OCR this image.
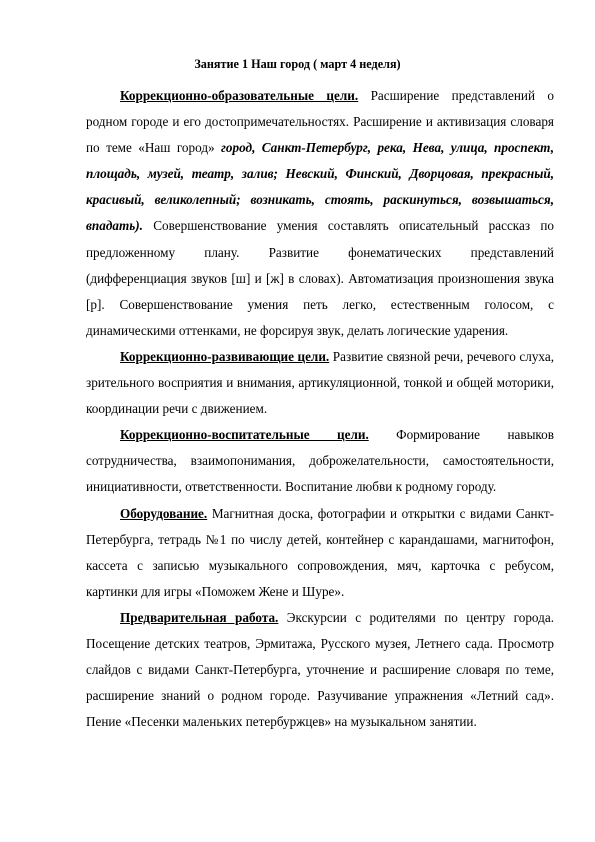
Занятие 1 Наш город ( март 4 неделя)

Коррекционно-образовательные цели. Расширение представлений о родном городе и его достопримечательностях. Расширение и активизация словаря по теме «Наш город» город, Санкт-Петербург, река, Нева, улица, проспект, площадь, музей, театр, залив; Невский, Финский, Дворцовая, прекрасный, красивый, великолепный; возникать, стоять, раскинуться, возвышаться, впадать). Совершенствование умения составлять описательный рассказ по предложенному плану. Развитие фонематических представлений (дифференциация звуков [ш] и [ж] в словах). Автоматизация произношения звука [р]. Совершенствование умения петь легко, естественным голосом, с динамическими оттенками, не форсируя звук, делать логические ударения.

Коррекционно-развивающие цели. Развитие связной речи, речевого слуха, зрительного восприятия и внимания, артикуляционной, тонкой и общей моторики, координации речи с движением.

Коррекционно-воспитательные цели. Формирование навыков сотрудничества, взаимопонимания, доброжелательности, самостоятельности, инициативности, ответственности. Воспитание любви к родному городу.

Оборудование. Магнитная доска, фотографии и открытки с видами Санкт-Петербурга, тетрадь №1 по числу детей, контейнер с карандашами, магнитофон, кассета с записью музыкального сопровождения, мяч, карточка с ребусом, картинки для игры «Поможем Жене и Шуре».

Предварительная работа. Экскурсии с родителями по центру города. Посещение детских театров, Эрмитажа, Русского музея, Летнего сада. Просмотр слайдов с видами Санкт-Петербурга, уточнение и расширение словаря по теме, расширение знаний о родном городе. Разучивание упражнения «Летний сад». Пение «Песенки маленьких петербуржцев» на музыкальном занятии.
